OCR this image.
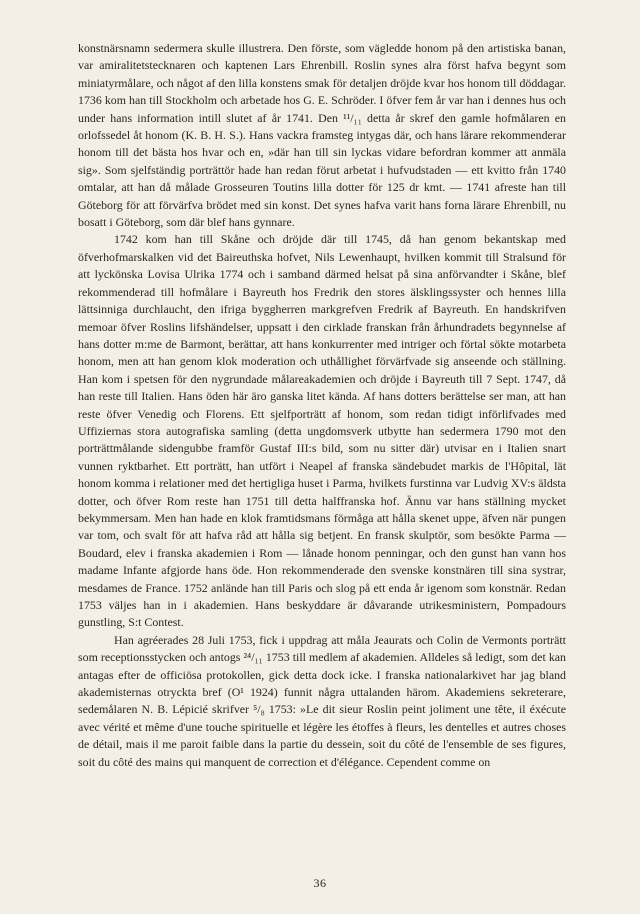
konstnärsnamn sedermera skulle illustrera. Den förste, som vägledde honom på den artistiska banan, var amiralitetstecknaren och kaptenen Lars Ehrenbill. Roslin synes alra först hafva begynt som miniatyrmålare, och något af den lilla konstens smak för detaljen dröjde kvar hos honom till döddagar. 1736 kom han till Stockholm och arbetade hos G. E. Schröder. I öfver fem år var han i dennes hus och under hans information intill slutet af år 1741. Den ¹¹/₁₁ detta år skref den gamle hofmålaren en orlofssedel åt honom (K. B. H. S.). Hans vackra framsteg intygas där, och hans lärare rekommenderar honom till det bästa hos hvar och en, »där han till sin lyckas vidare befordran kommer att anmäla sig». Som sjelfständig porträttör hade han redan förut arbetat i hufvudstaden — ett kvitto från 1740 omtalar, att han då målade Grosseuren Toutins lilla dotter för 125 dr kmt. — 1741 afreste han till Göteborg för att förvärfva brödet med sin konst. Det synes hafva varit hans forna lärare Ehrenbill, nu bosatt i Göteborg, som där blef hans gynnare.

1742 kom han till Skåne och dröjde där till 1745, då han genom bekantskap med öfverhofmarskalken vid det Baireuthska hofvet, Nils Lewenhaupt, hvilken kommit till Stralsund för att lyckönska Lovisa Ulrika 1774 och i samband därmed helsat på sina anförvandter i Skåne, blef rekommenderad till hofmålare i Bayreuth hos Fredrik den stores älsklingssyster och hennes lilla lättsinniga durchlaucht, den ifriga byggherren markgrefven Fredrik af Bayreuth. En handskrifven memoar öfver Roslins lifshändelser, uppsatt i den cirklade franskan från århundradets begynnelse af hans dotter m:me de Barmont, berättar, att hans konkurrenter med intriger och förtal sökte motarbeta honom, men att han genom klok moderation och uthållighet förvärfvade sig anseende och ställning. Han kom i spetsen för den nygrundade målareakademien och dröjde i Bayreuth till 7 Sept. 1747, då han reste till Italien. Hans öden här äro ganska litet kända. Af hans dotters berättelse ser man, att han reste öfver Venedig och Florens. Ett sjelfporträtt af honom, som redan tidigt införlifvades med Uffiziernas stora autografiska samling (detta ungdomsverk utbytte han sedermera 1790 mot den porträttmålande sidengubbe framför Gustaf III:s bild, som nu sitter där) utvisar en i Italien snart vunnen ryktbarhet. Ett porträtt, han utfört i Neapel af franska sändebudet markis de l'Hôpital, lät honom komma i relationer med det hertigliga huset i Parma, hvilkets furstinna var Ludvig XV:s äldsta dotter, och öfver Rom reste han 1751 till detta halffranska hof. Ännu var hans ställning mycket bekymmersam. Men han hade en klok framtidsmans förmåga att hålla skenet uppe, äfven när pungen var tom, och svalt för att hafva råd att hålla sig betjent. En fransk skulptör, som besökte Parma — Boudard, elev i franska akademien i Rom — lånade honom penningar, och den gunst han vann hos madame Infante afgjorde hans öde. Hon rekommenderade den svenske konstnären till sina systrar, mesdames de France. 1752 anlände han till Paris och slog på ett enda år igenom som konstnär. Redan 1753 väljes han in i akademien. Hans beskyddare är dåvarande utrikesministern, Pompadours gunstling, S:t Contest.

Han agréerades 28 Juli 1753, fick i uppdrag att måla Jeaurats och Colin de Vermonts porträtt som receptionsstycken och antogs ²⁴/₁₁ 1753 till medlem af akademien. Alldeles så ledigt, som det kan antagas efter de officiösa protokollen, gick detta dock icke. I franska nationalarkivet har jag bland akademisternas otryckta bref (O¹ 1924) funnit några uttalanden härom. Akademiens sekreterare, sedemålaren N. B. Lépicié skrifver ⁵/₈ 1753: »Le dit sieur Roslin peint joliment une tête, il éxécute avec vérité et même d'une touche spirituelle et légère les étoffes à fleurs, les dentelles et autres choses de détail, mais il me paroit faible dans la partie du dessein, soit du côté de l'ensemble de ses figures, soit du côté des mains qui manquent de correction et d'élégance. Cependent comme on

36
